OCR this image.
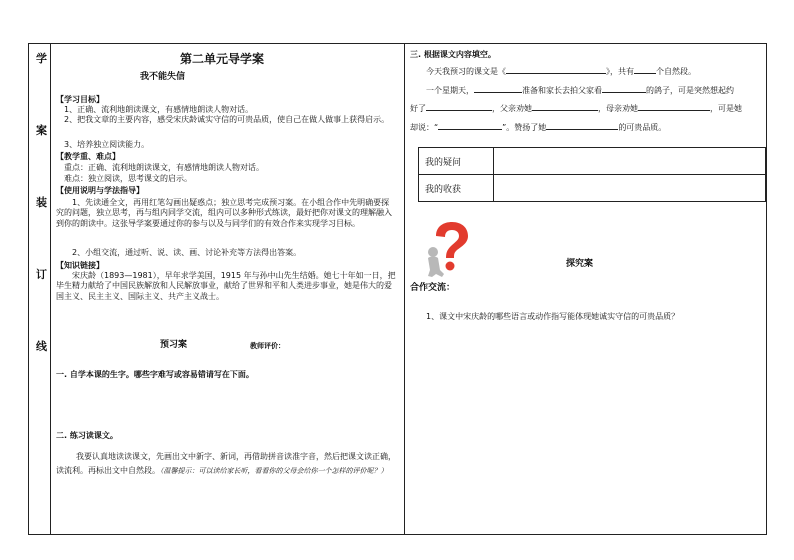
学
案
装
订
线
第二单元导学案
我不能失信
【学习目标】
1、正确、流利地朗读课文，有感情地朗读人物对话。
2、把我文章的主要内容，感受宋庆龄诚实守信的可贵品质，使自己在做人做事上获得启示。
3、培养独立阅读能力。
【教学重、难点】
重点：正确、流利地朗读课文，有感情地朗读人物对话。
难点：独立阅读，思考课文的启示。
【使用说明与学法指导】
1、先读通全文，再用红笔勾画出疑惑点；独立思考完成预习案。在小组合作中先明确要探究的问题，独立思考，再与组内同学交流，组内可以多种形式练读，最好把你对课文的理解融入到你的朗读中。这张导学案要通过你的参与以及与同学们的有效合作来实现学习目标。
2、小组交流，通过听、说、读、画、讨论补充等方法得出答案。
【知识链接】
宋庆龄（1893—1981），早年求学美国，1915 年与孙中山先生结婚。她七十年如一日，把毕生精力献给了中国民族解放和人民解放事业，献给了世界和平和人类进步事业，她是伟大的爱国主义、民主主义、国际主义、共产主义战士。
预习案	教师评价：
一. 自学本课的生字。哪些字难写或容易错请写在下面。
二. 练习读课文。
我要认真地读读课文，先画出文中新字、新词，再借助拼音读准字音，然后把课文读正确，读流利。再标出文中自然段。（温馨提示：可以读给家长听，看看你的父母会给你一个怎样的评价呢？）
三. 根据课文内容填空。
今天我预习的课文是《	》，共有	个自然段。
一个星期天，	准备和家长去拍父家看	的鸽子，可是突然想起约
好了	，父亲劝她	，母亲劝她	，可是她
却说：“	”。赞扬了她	的可贵品质。
我的疑问	
我的收获	
探究案
合作交流：
1、课文中宋庆龄的哪些语言或动作指写能体现她诚实守信的可贵品质？
